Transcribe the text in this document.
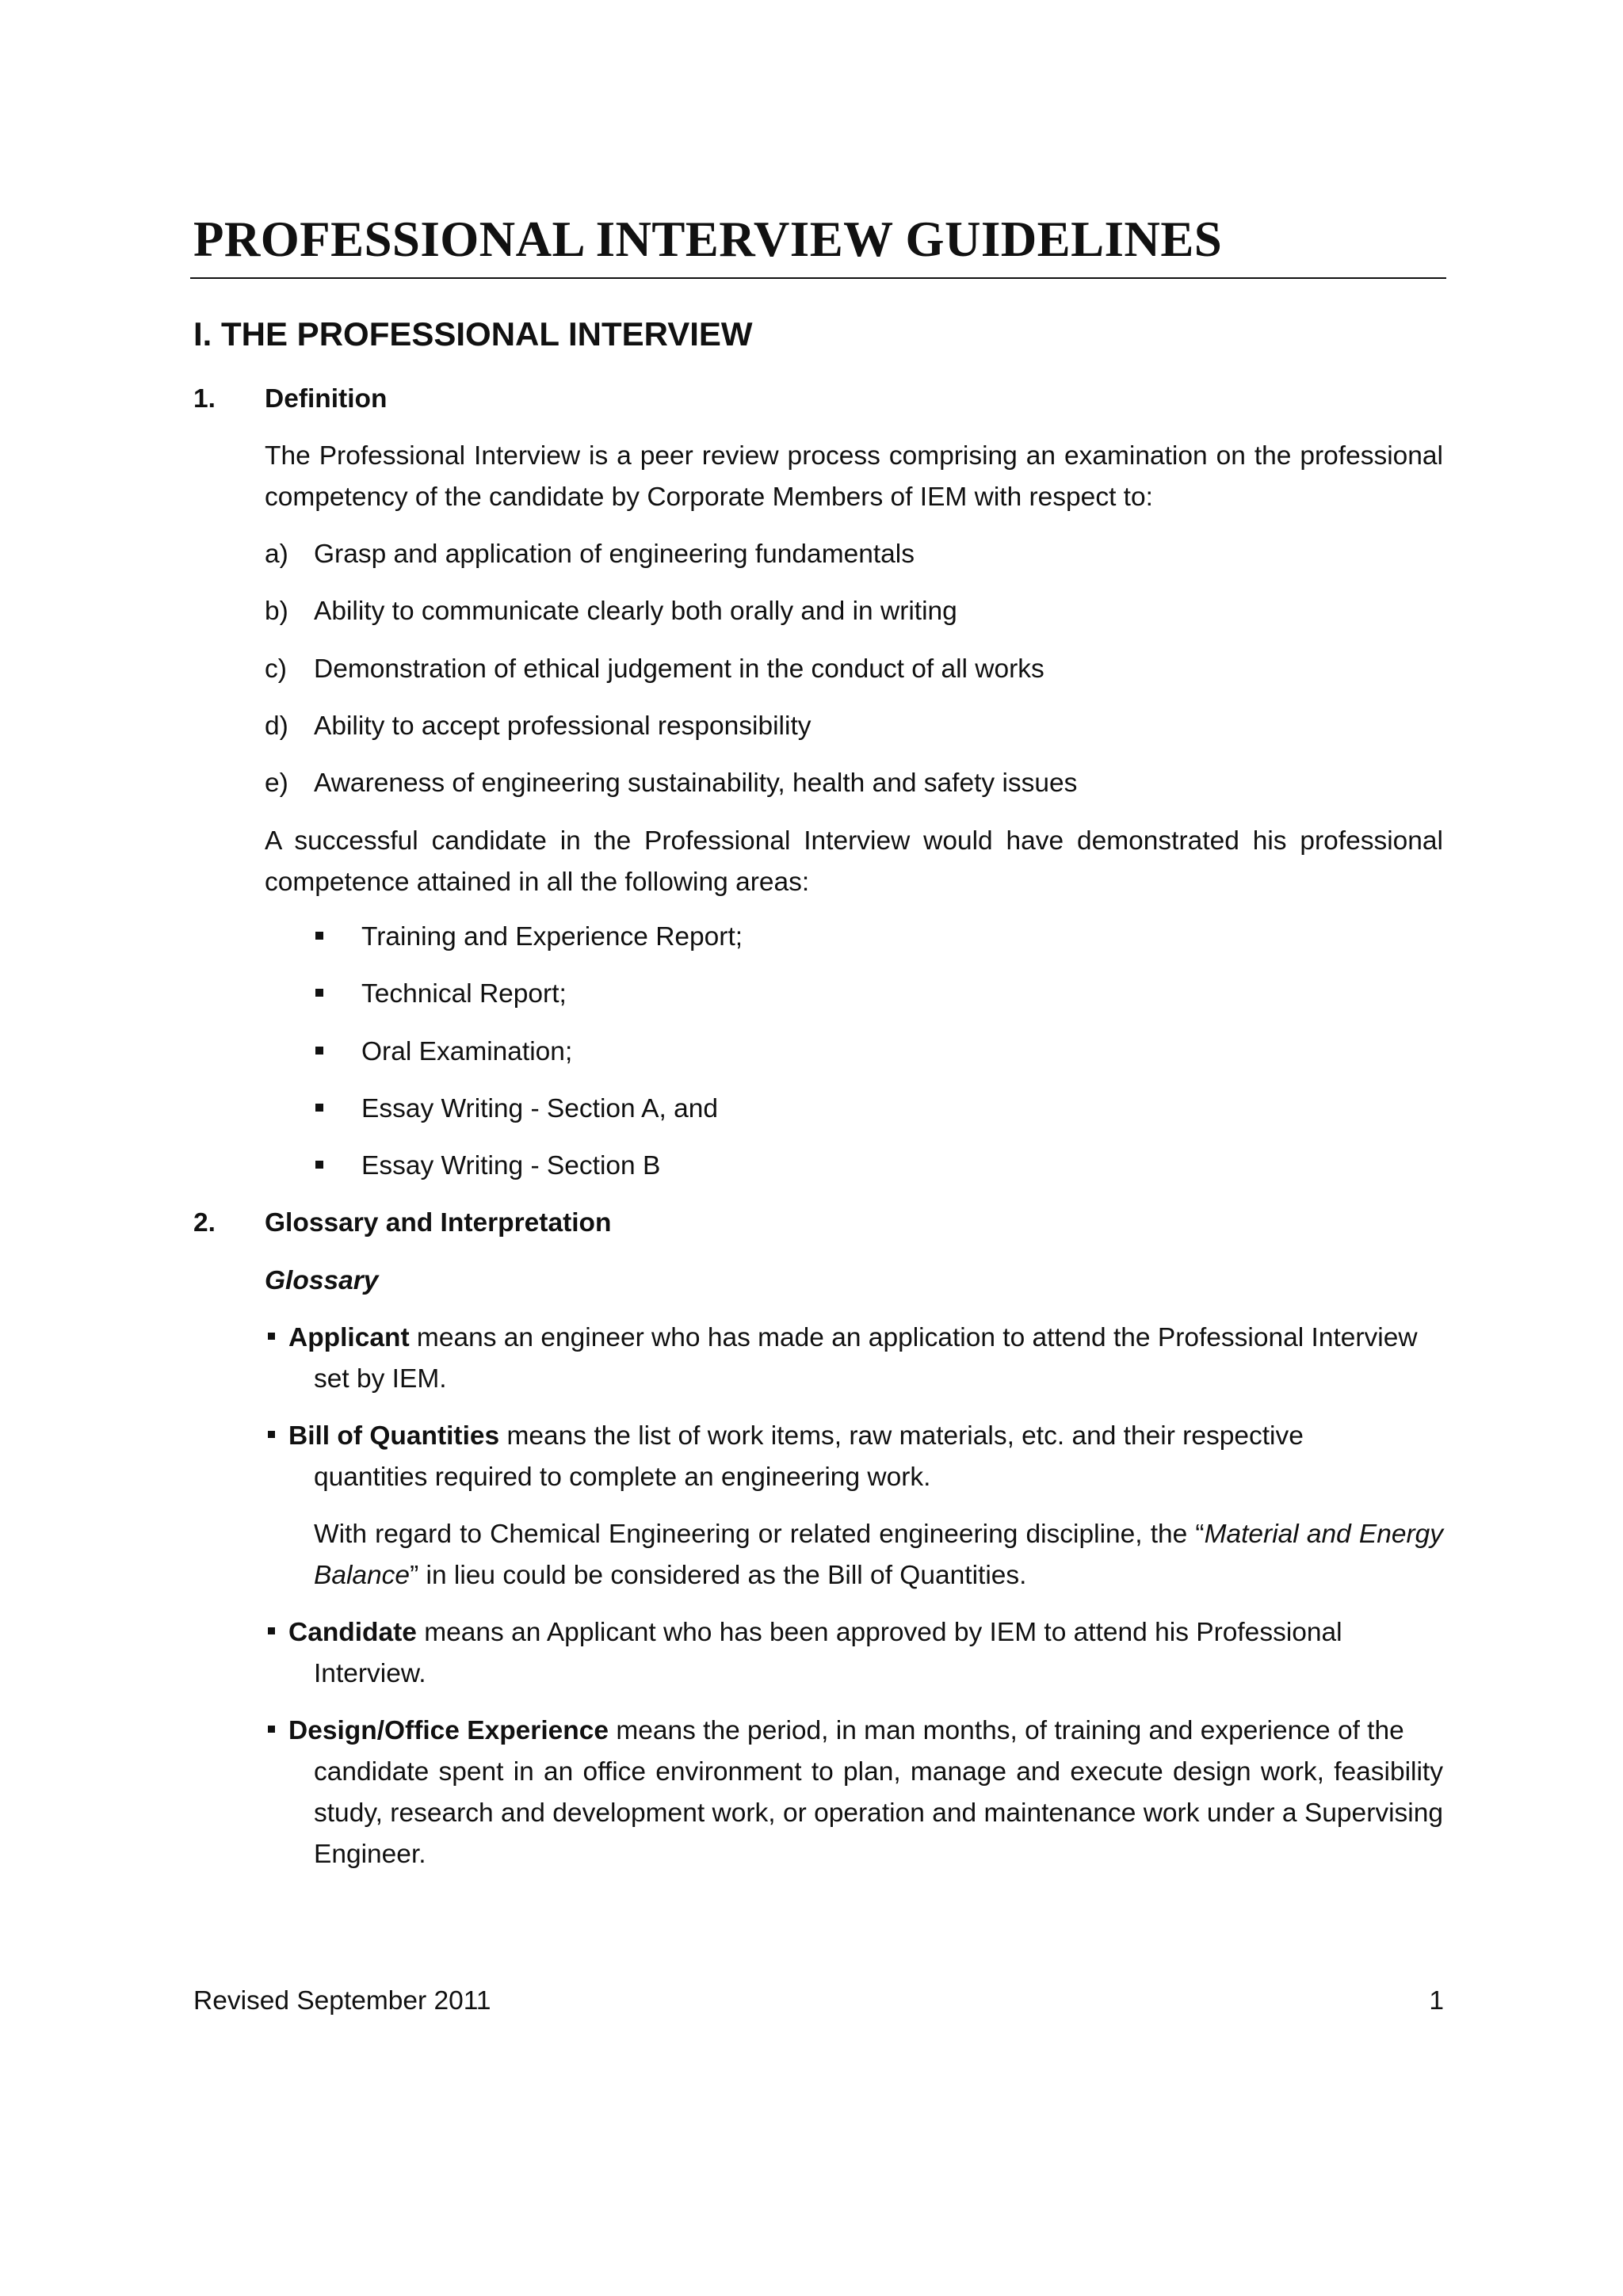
PROFESSIONAL INTERVIEW GUIDELINES
I. THE PROFESSIONAL INTERVIEW
1. Definition
The Professional Interview is a peer review process comprising an examination on the professional competency of the candidate by Corporate Members of IEM with respect to:
a) Grasp and application of engineering fundamentals
b) Ability to communicate clearly both orally and in writing
c) Demonstration of ethical judgement in the conduct of all works
d) Ability to accept professional responsibility
e) Awareness of engineering sustainability, health and safety issues
A successful candidate in the Professional Interview would have demonstrated his professional competence attained in all the following areas:
Training and Experience Report;
Technical Report;
Oral Examination;
Essay Writing - Section A, and
Essay Writing - Section B
2. Glossary and Interpretation
Glossary
Applicant means an engineer who has made an application to attend the Professional Interview
set by IEM.
Bill of Quantities means the list of work items, raw materials, etc. and their respective
quantities required to complete an engineering work.
With regard to Chemical Engineering or related engineering discipline, the “Material and Energy Balance” in lieu could be considered as the Bill of Quantities.
Candidate means an Applicant who has been approved by IEM to attend his Professional
Interview.
Design/Office Experience means the period, in man months, of training and experience of the
candidate spent in an office environment to plan, manage and execute design work, feasibility study, research and development work, or operation and maintenance work under a Supervising Engineer.
Revised September 2011	1
